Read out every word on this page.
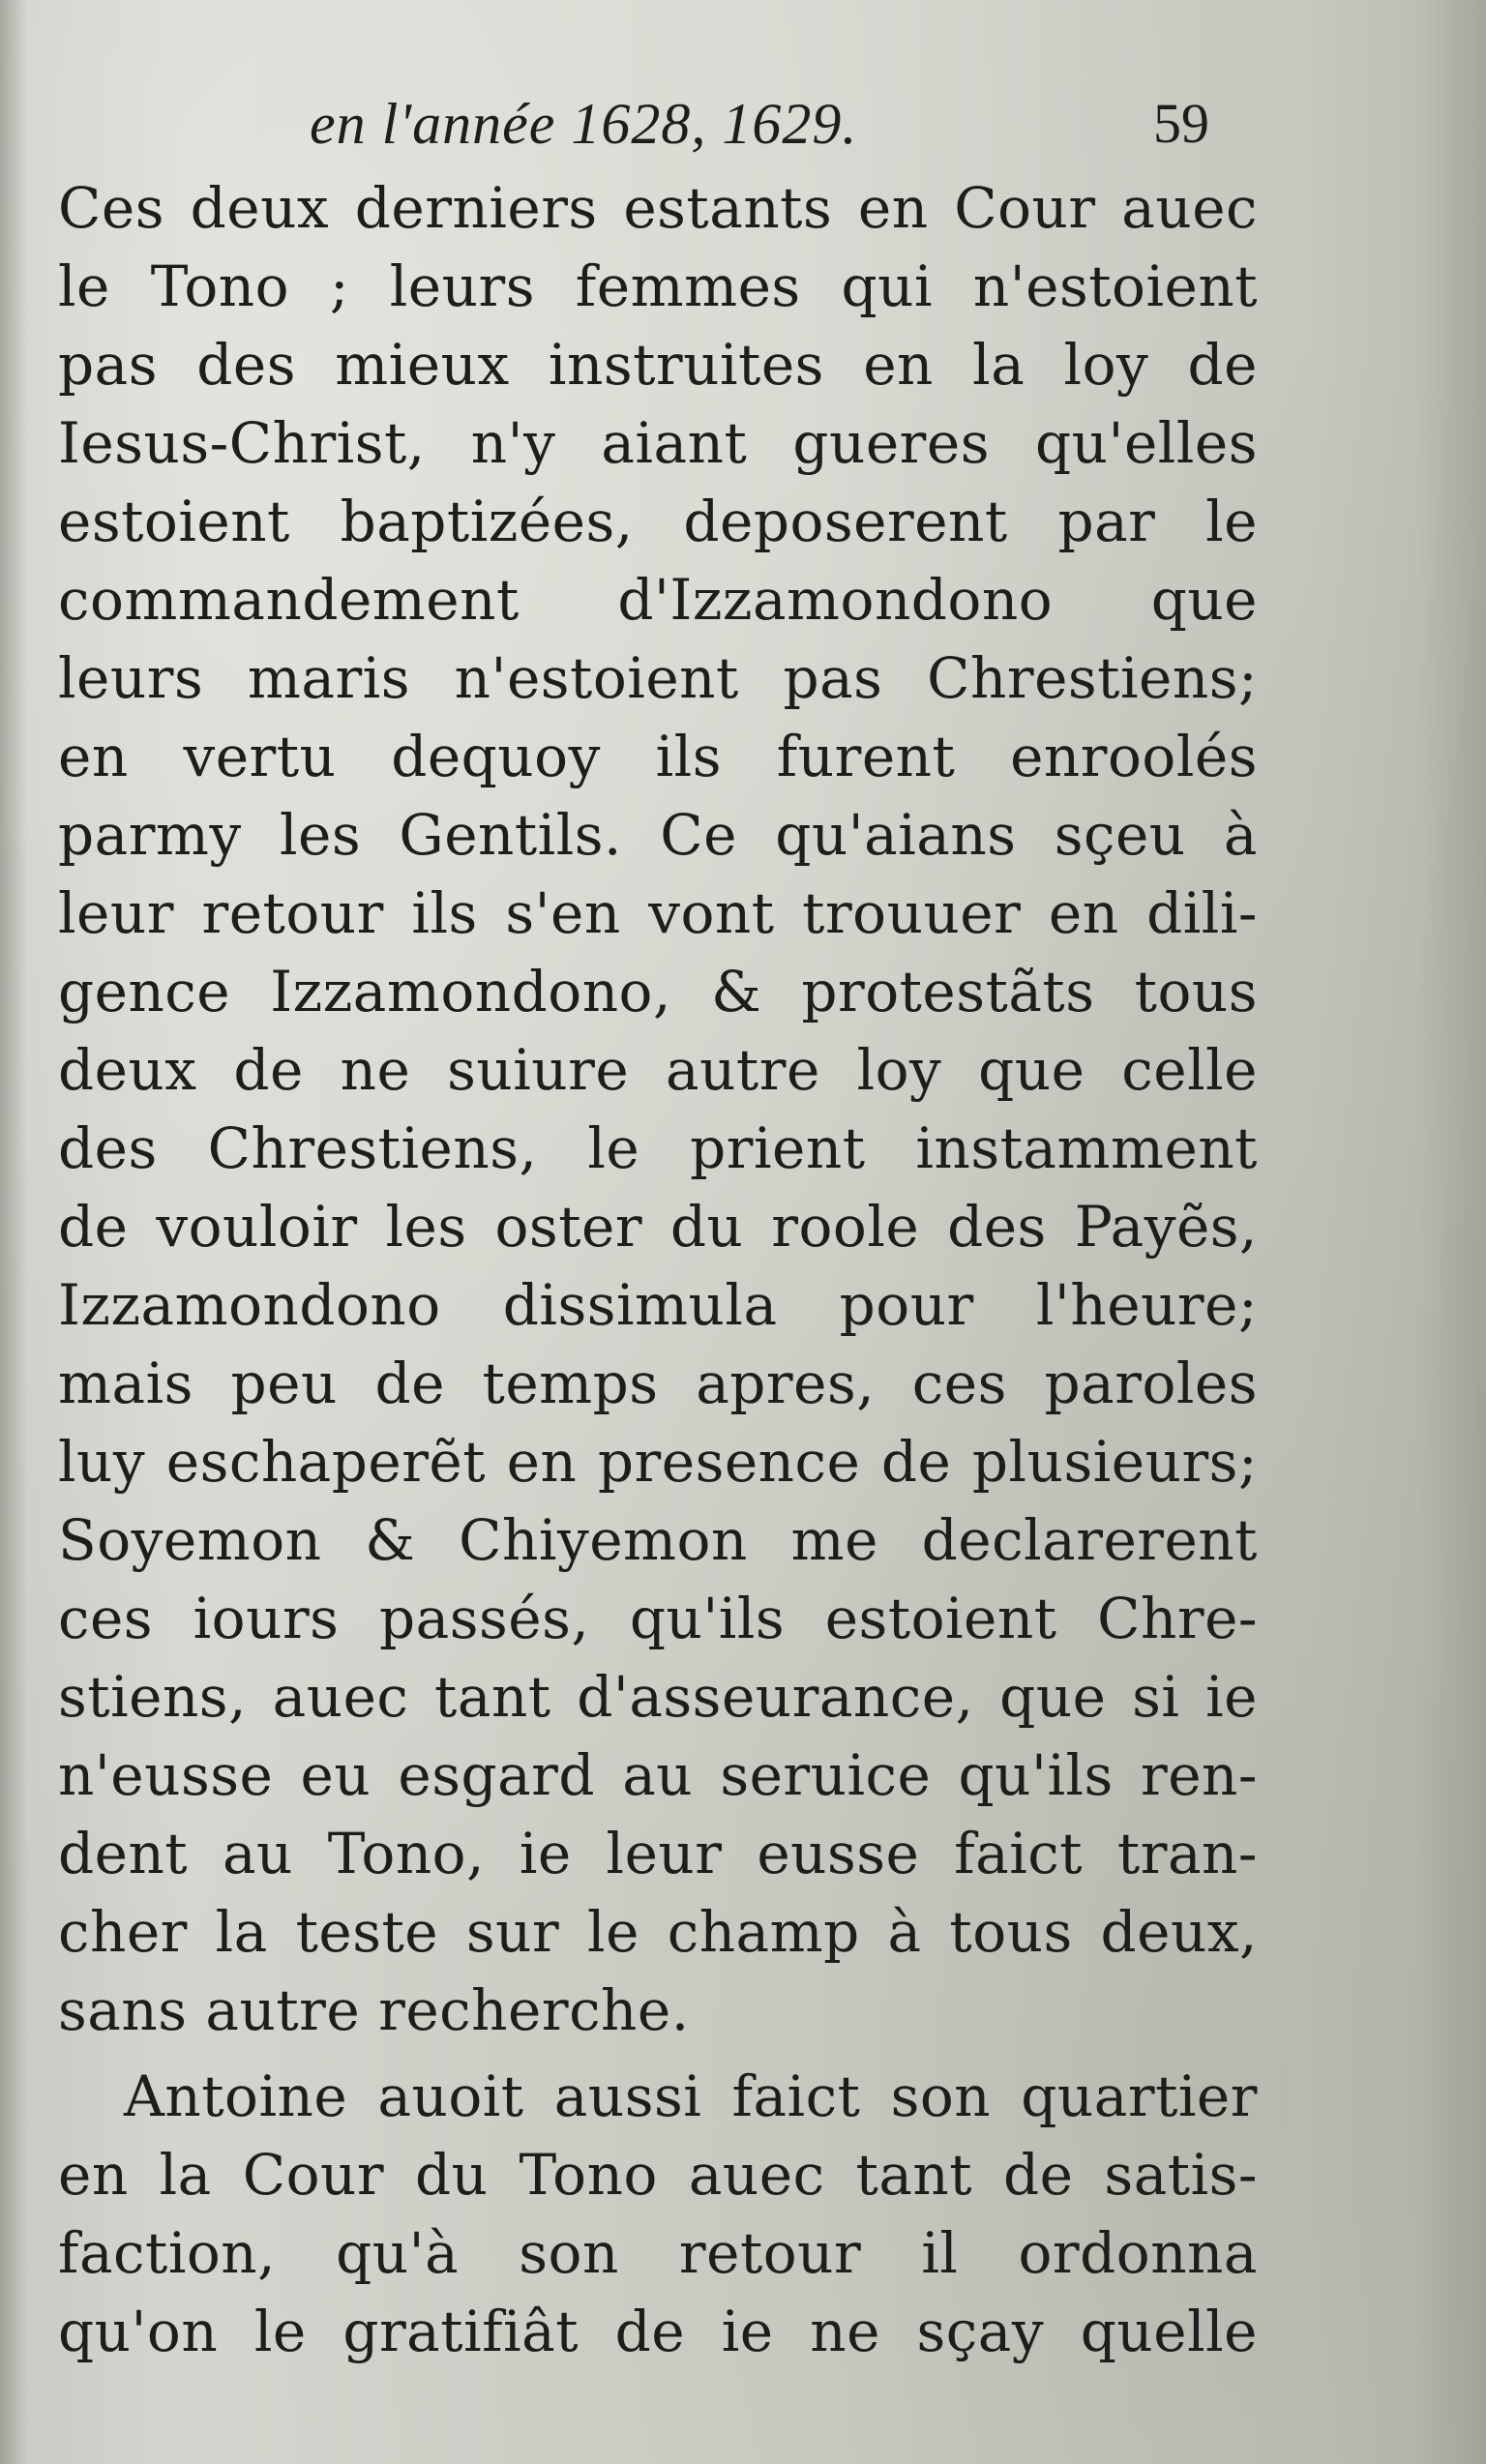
en l'année 1628, 1629.	59
Ces deux derniers estants en Cour auec
le Tono ; leurs femmes qui n'estoient
pas des mieux instruites en la loy de
Iesus-Christ, n'y aiant gueres qu'elles
estoient baptizées, deposerent par le
commandement d'Izzamondono que
leurs maris n'estoient pas Chrestiens;
en vertu dequoy ils furent enroolés
parmy les Gentils. Ce qu'aians sçeu à
leur retour ils s'en vont trouuer en dili-
gence Izzamondono, & protestãts tous
deux de ne suiure autre loy que celle
des Chrestiens, le prient instamment
de vouloir les oster du roole des Payẽs,
Izzamondono dissimula pour l'heure;
mais peu de temps apres, ces paroles
luy eschaperẽt en presence de plusieurs;
Soyemon & Chiyemon me declarerent
ces iours passés, qu'ils estoient Chre-
stiens, auec tant d'asseurance, que si ie
n'eusse eu esgard au seruice qu'ils ren-
dent au Tono, ie leur eusse faict tran-
cher la teste sur le champ à tous deux,
sans autre recherche.
Antoine auoit aussi faict son quartier
en la Cour du Tono auec tant de satis-
faction, qu'à son retour il ordonna
qu'on le gratifiât de ie ne sçay quelle
